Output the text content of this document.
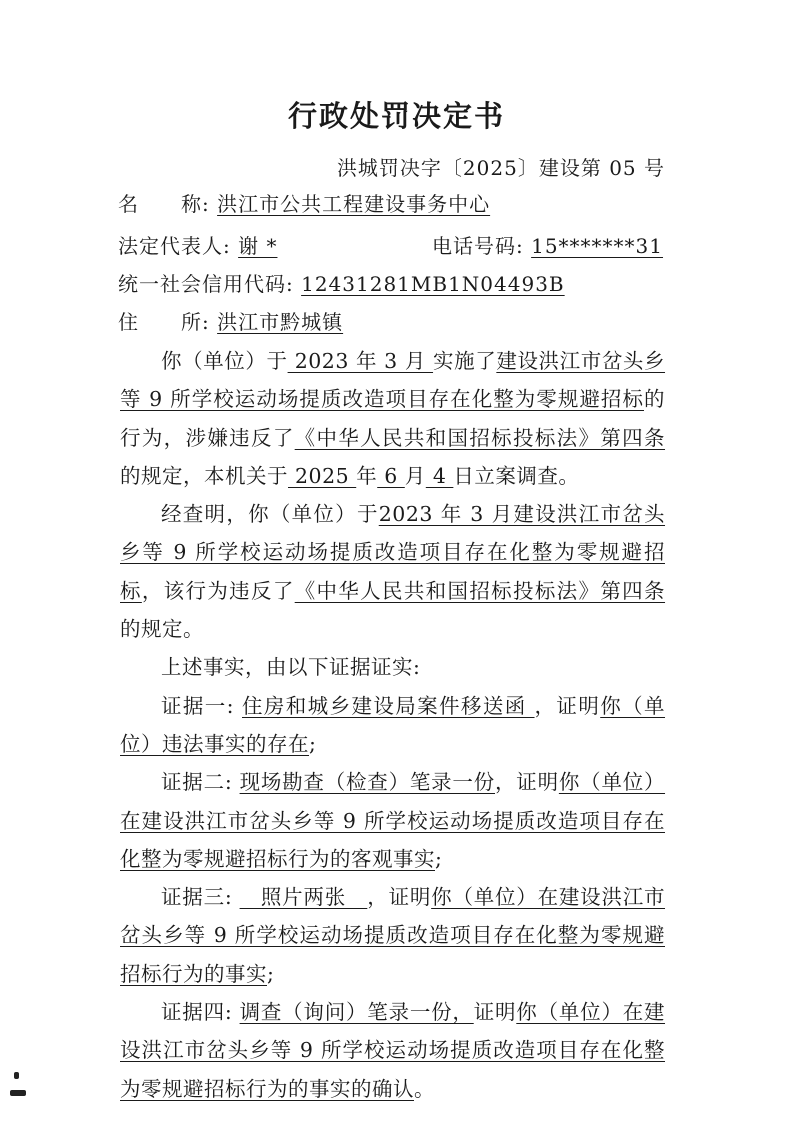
行政处罚决定书
洪城罚决字〔2025〕建设第 05 号
名　　称: 洪江市公共工程建设事务中心
法定代表人: 谢 *	电话号码: 15*******31
统一社会信用代码: 12431281MB1N04493B
住　　所: 洪江市黔城镇

你（单位）于 2023 年 3 月 实施了建设洪江市岔头乡等 9 所学校运动场提质改造项目存在化整为零规避招标的行为，涉嫌违反了《中华人民共和国招标投标法》第四条的规定，本机关于 2025 年 6 月 4 日立案调查。

经查明，你（单位）于2023 年 3 月建设洪江市岔头乡等 9 所学校运动场提质改造项目存在化整为零规避招标，该行为违反了《中华人民共和国招标投标法》第四条的规定。

上述事实，由以下证据证实:

证据一: 住房和城乡建设局案件移送函 ，证明你（单位）违法事实的存在;

证据二: 现场勘查（检查）笔录一份，证明你（单位）在建设洪江市岔头乡等 9 所学校运动场提质改造项目存在化整为零规避招标行为的客观事实;

证据三: 　照片两张　，证明你（单位）在建设洪江市岔头乡等 9 所学校运动场提质改造项目存在化整为零规避招标行为的事实;

证据四: 调查（询问）笔录一份，证明你（单位）在建设洪江市岔头乡等 9 所学校运动场提质改造项目存在化整为零规避招标行为的事实的确认。
